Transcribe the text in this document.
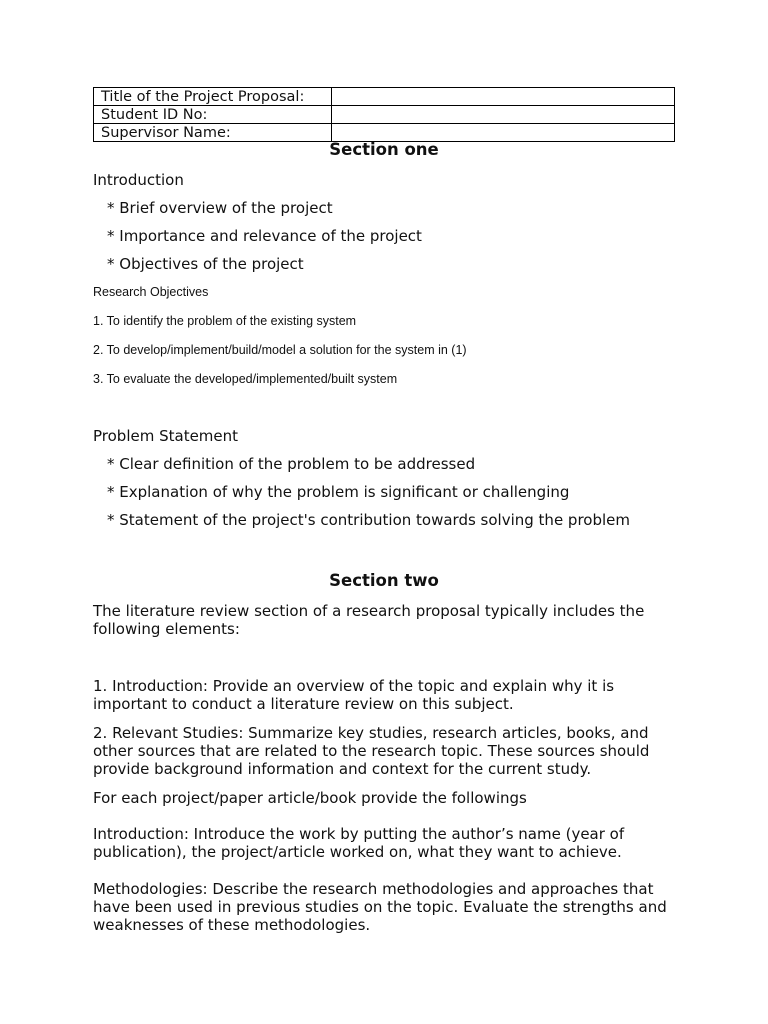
Title of the Project Proposal:	
Student ID No:	
Supervisor Name:	
Section one
Introduction
* Brief overview of the project
* Importance and relevance of the project
* Objectives of the project
Research Objectives
1. To identify the problem of the existing system
2. To develop/implement/build/model a solution for the system in (1)
3. To evaluate the developed/implemented/built system
Problem Statement
* Clear definition of the problem to be addressed
* Explanation of why the problem is significant or challenging
* Statement of the project's contribution towards solving the problem
Section two
The literature review section of a research proposal typically includes the following elements:
1. Introduction: Provide an overview of the topic and explain why it is important to conduct a literature review on this subject.
2. Relevant Studies: Summarize key studies, research articles, books, and other sources that are related to the research topic. These sources should provide background information and context for the current study.
For each project/paper article/book provide the followings
Introduction: Introduce the work by putting the author’s name (year of publication), the project/article worked on, what they want to achieve.
Methodologies: Describe the research methodologies and approaches that have been used in previous studies on the topic. Evaluate the strengths and weaknesses of these methodologies.
